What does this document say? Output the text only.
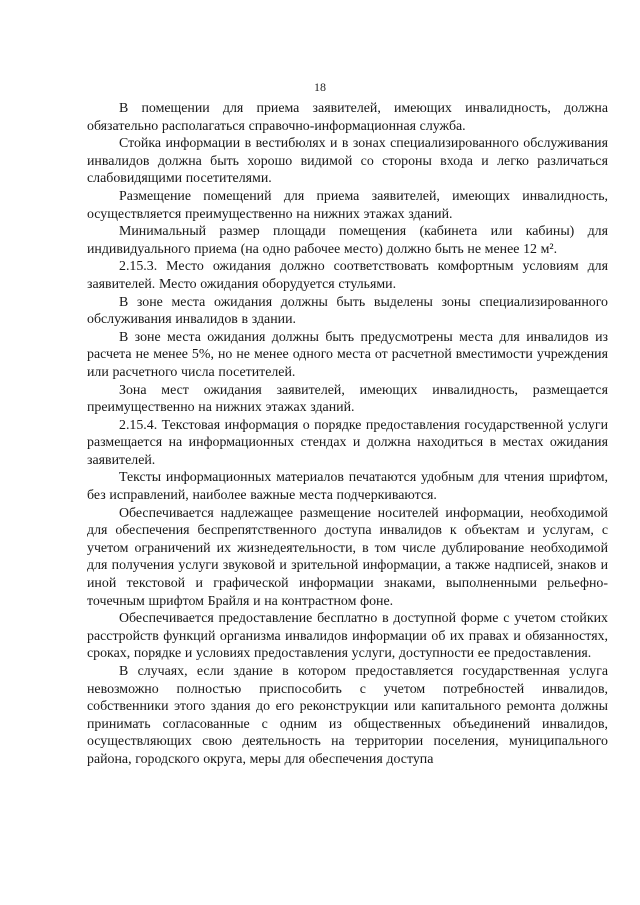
18

В помещении для приема заявителей, имеющих инвалидность, должна обязательно располагаться справочно-информационная служба.

Стойка информации в вестибюлях и в зонах специализированного обслуживания инвалидов должна быть хорошо видимой со стороны входа и легко различаться слабовидящими посетителями.

Размещение помещений для приема заявителей, имеющих инвалидность, осуществляется преимущественно на нижних этажах зданий.

Минимальный размер площади помещения (кабинета или кабины) для индивидуального приема (на одно рабочее место) должно быть не менее 12 м².

2.15.3. Место ожидания должно соответствовать комфортным условиям для заявителей. Место ожидания оборудуется стульями.

В зоне места ожидания должны быть выделены зоны специализированного обслуживания инвалидов в здании.

В зоне места ожидания должны быть предусмотрены места для инвалидов из расчета не менее 5%, но не менее одного места от расчетной вместимости учреждения или расчетного числа посетителей.

Зона мест ожидания заявителей, имеющих инвалидность, размещается преимущественно на нижних этажах зданий.

2.15.4. Текстовая информация о порядке предоставления государственной услуги размещается на информационных стендах и должна находиться в местах ожидания заявителей.

Тексты информационных материалов печатаются удобным для чтения шрифтом, без исправлений, наиболее важные места подчеркиваются.

Обеспечивается надлежащее размещение носителей информации, необходимой для обеспечения беспрепятственного доступа инвалидов к объектам и услугам, с учетом ограничений их жизнедеятельности, в том числе дублирование необходимой для получения услуги звуковой и зрительной информации, а также надписей, знаков и иной текстовой и графической информации знаками, выполненными рельефно-точечным шрифтом Брайля и на контрастном фоне.

Обеспечивается предоставление бесплатно в доступной форме с учетом стойких расстройств функций организма инвалидов информации об их правах и обязанностях, сроках, порядке и условиях предоставления услуги, доступности ее предоставления.

В случаях, если здание в котором предоставляется государственная услуга невозможно полностью приспособить с учетом потребностей инвалидов, собственники этого здания до его реконструкции или капитального ремонта должны принимать согласованные с одним из общественных объединений инвалидов, осуществляющих свою деятельность на территории поселения, муниципального района, городского округа, меры для обеспечения доступа
